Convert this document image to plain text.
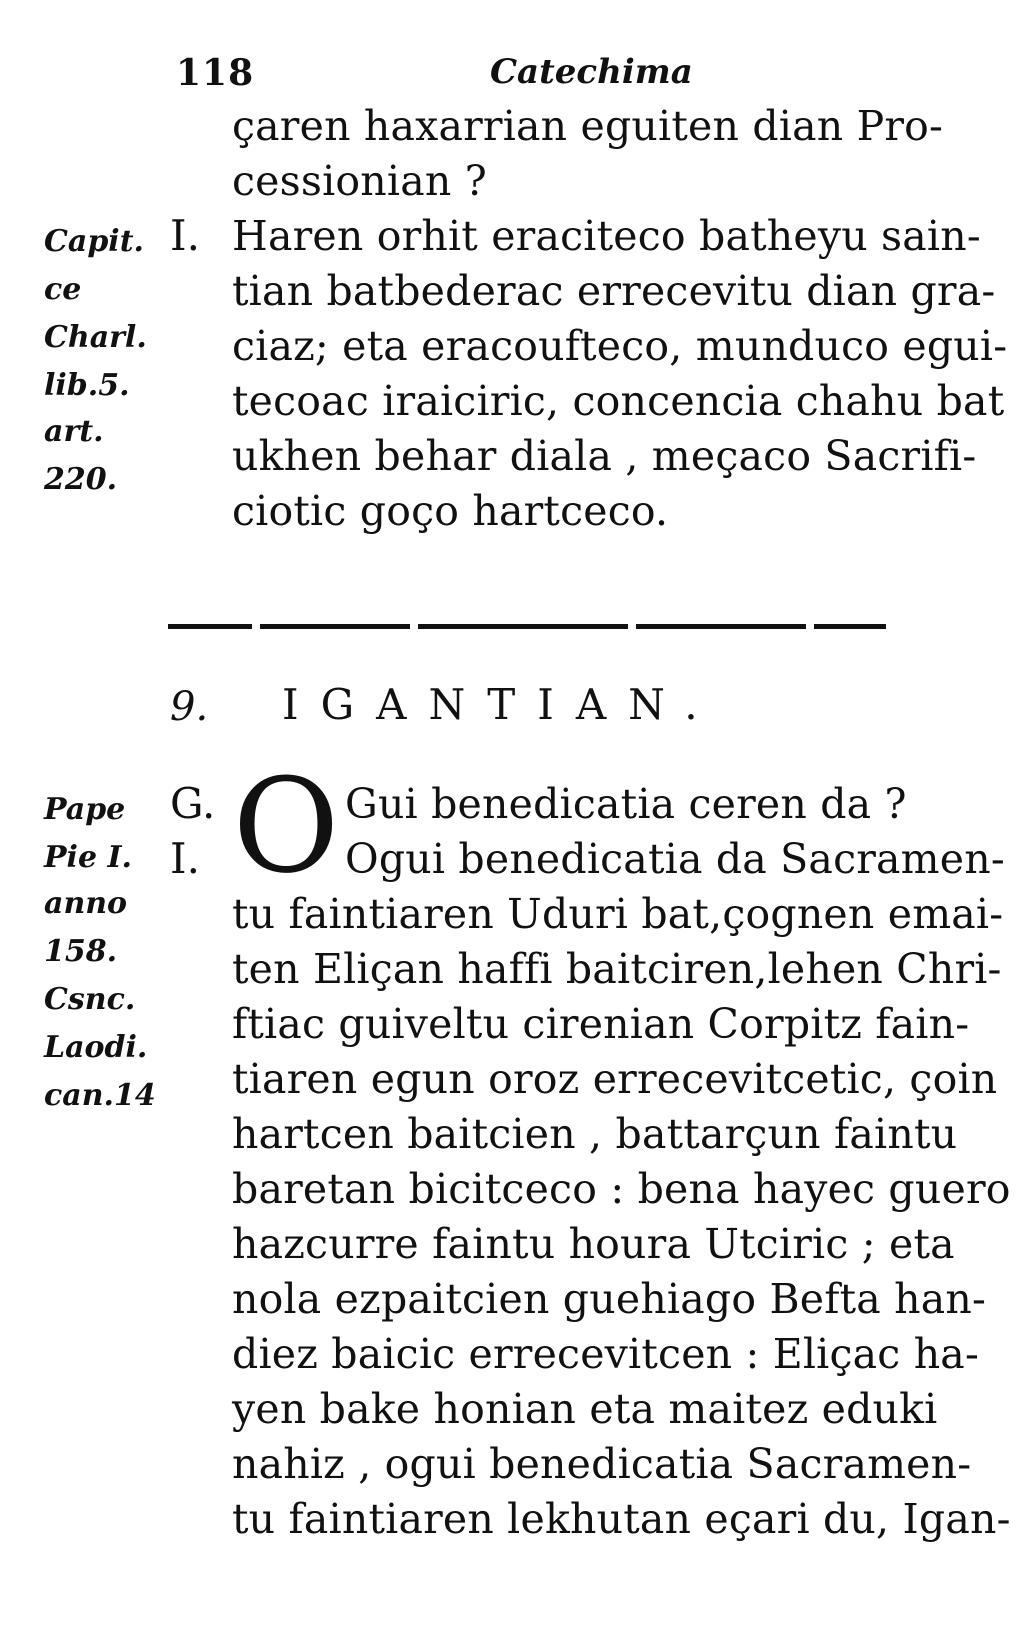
118	Catechima
çaren haxarrian eguiten dian Pro-
cessionian ?
I. Haren orhit eraciteco batheyu sain-
tian batbederac errecevitu dian gra-
ciaz; eta eracoufteco, munduco egui-
tecoac iraiciric, concencia chahu bat
ukhen behar diala , meçaco Sacrifi-
ciotic goço hartceco.
Capit.
ce
Charl.
lib.5.
art.
220.
9. IGANTIAN.
G. O Gui benedicatia ceren da ?
I.	Ogui benedicatia da Sacramen-
tu faintiaren Uduri bat,çognen emai-
ten Eliçan haffi baitciren,lehen Chri-
ftiac guiveltu cirenian Corpitz fain-
tiaren egun oroz errecevitcetic, çoin
hartcen baitcien , battarçun faintu
baretan bicitceco : bena hayec guero
hazcurre faintu houra Utciric ; eta
nola ezpaitcien guehiago Befta han-
diez baicic errecevitcen : Eliçac ha-
yen bake honian eta maitez eduki
nahiz , ogui benedicatia Sacramen-
tu faintiaren lekhutan eçari du, Igan-
Pape
Pie I.
anno
158.
Csnc.
Laodi.
can.14
